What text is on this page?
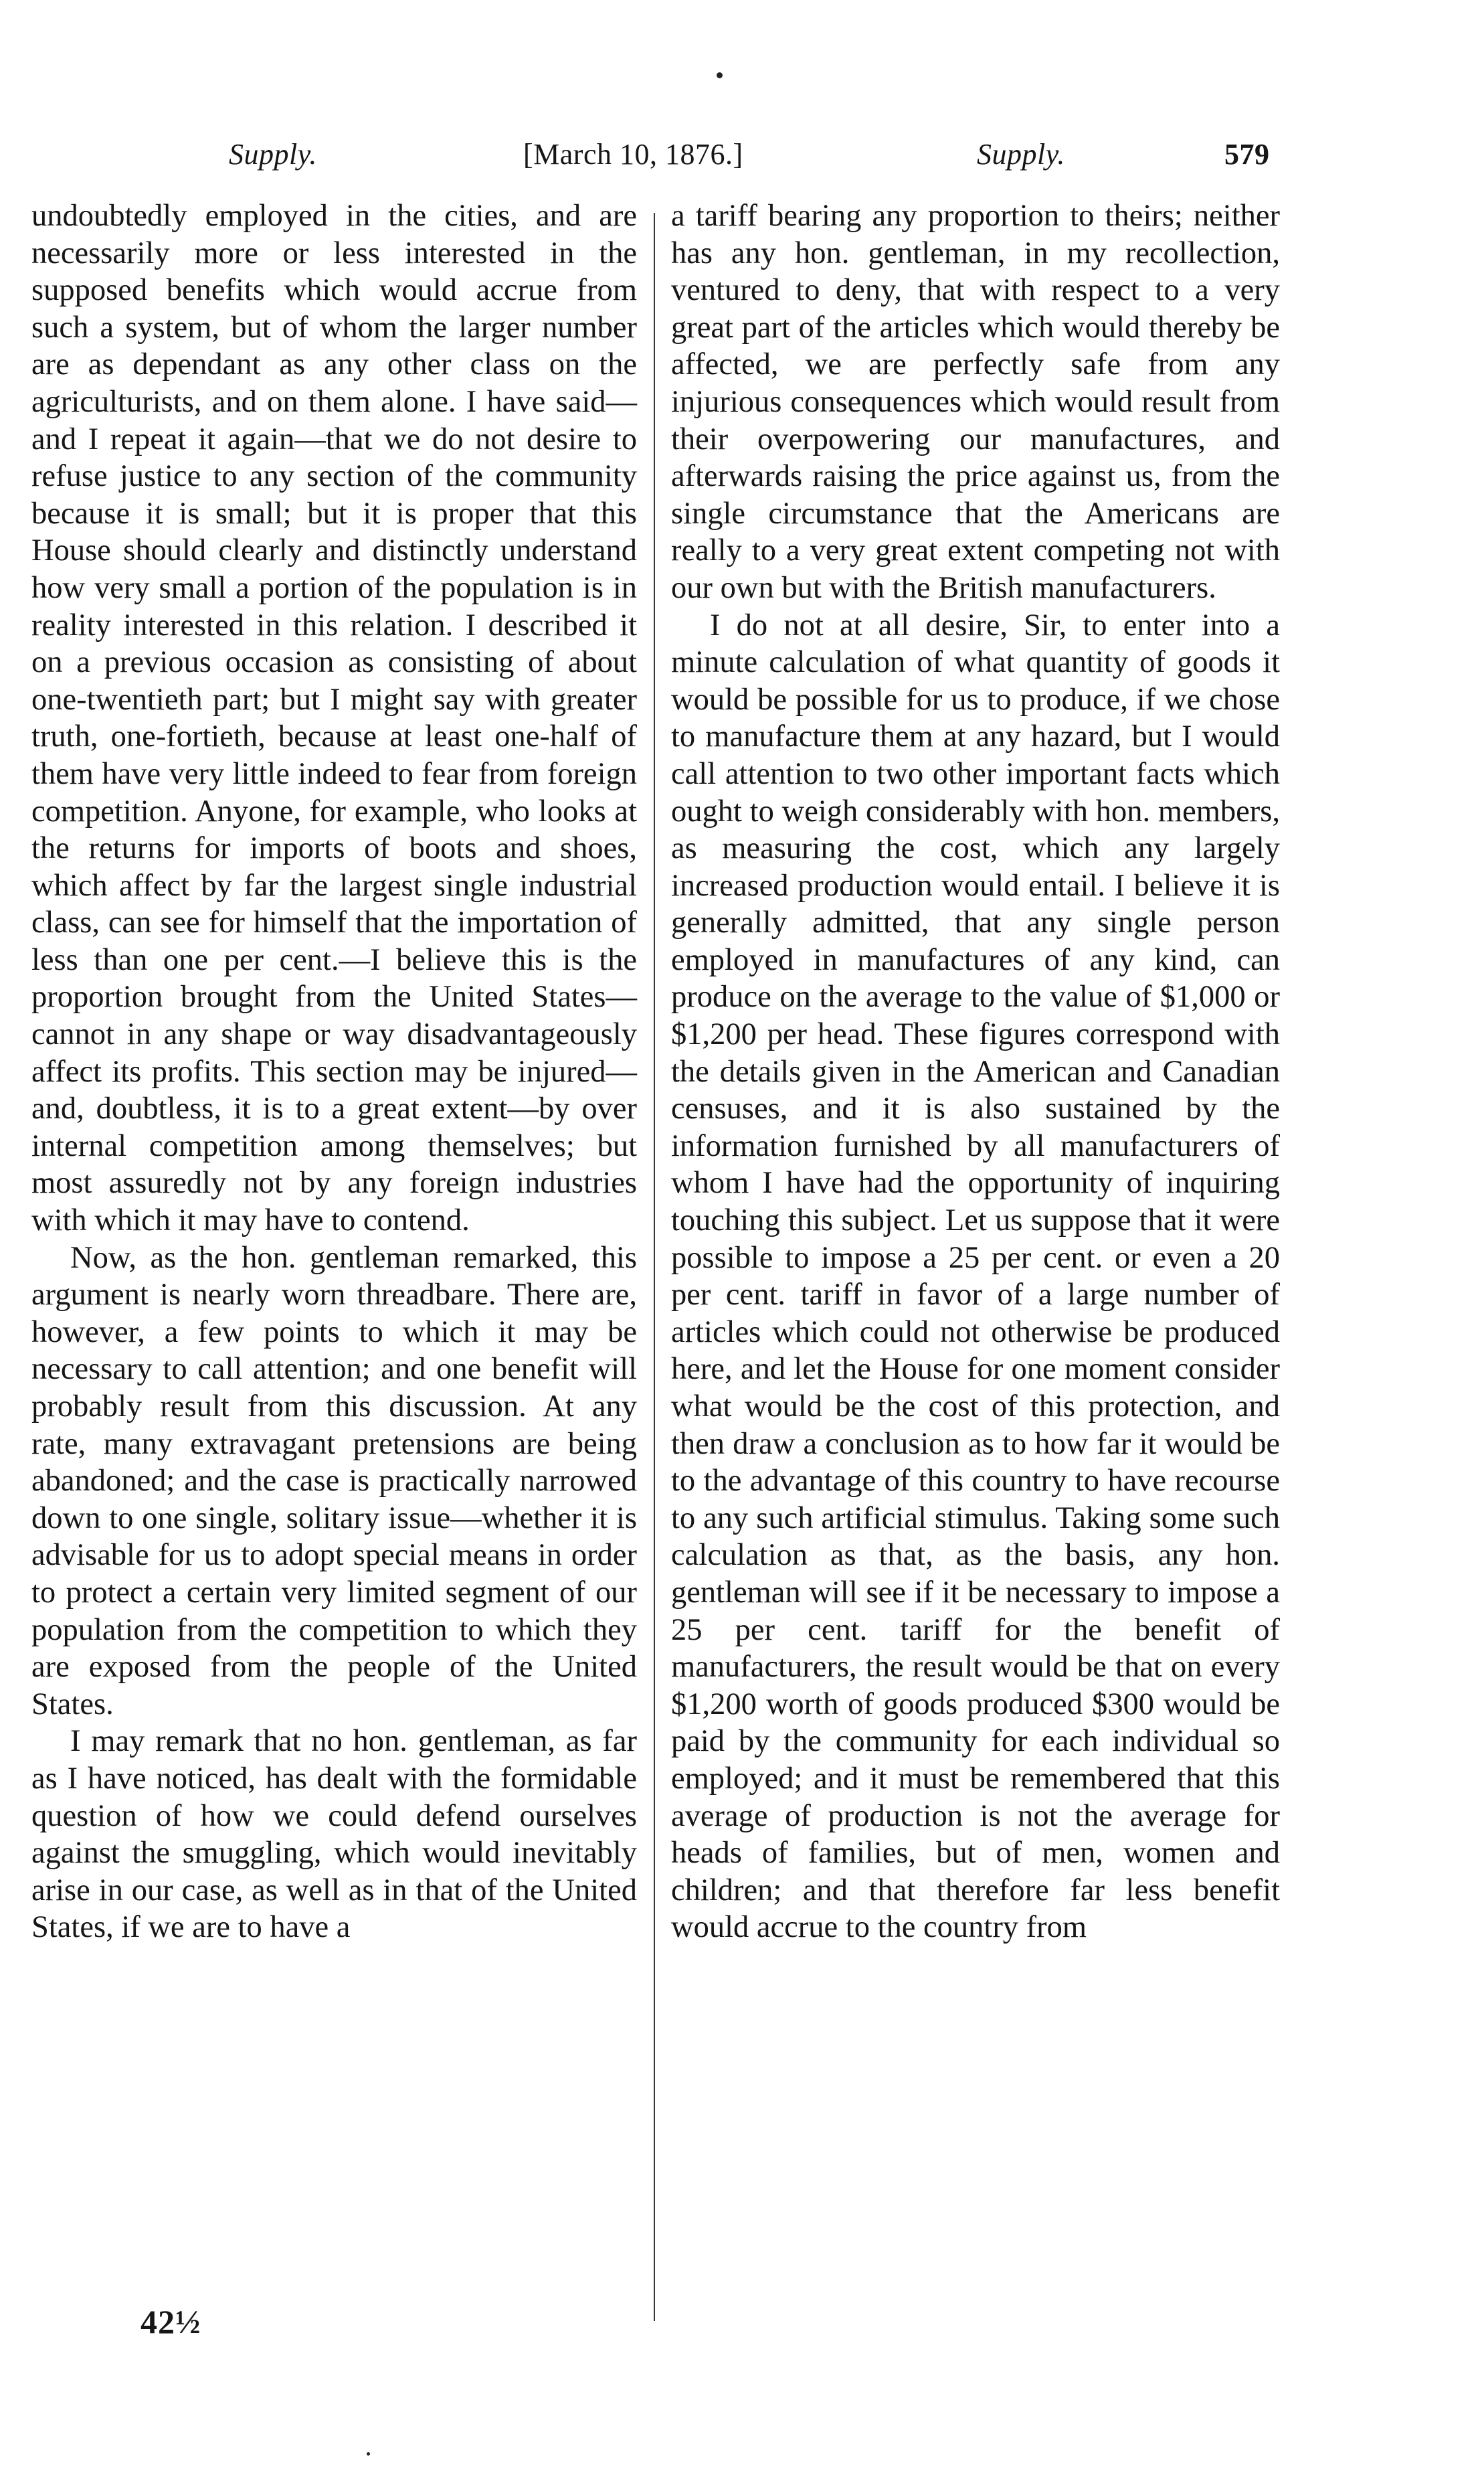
Supply.	[March 10, 1876.]	Supply.	579

undoubtedly employed in the cities, and are necessarily more or less interested in the supposed benefits which would accrue from such a system, but of whom the larger number are as dependant as any other class on the agriculturists, and on them alone. I have said—and I repeat it again—that we do not desire to refuse justice to any section of the community because it is small; but it is proper that this House should clearly and distinctly understand how very small a portion of the population is in reality interested in this relation. I described it on a previous occasion as consisting of about one-twentieth part; but I might say with greater truth, one-fortieth, because at least one-half of them have very little indeed to fear from foreign competition. Anyone, for example, who looks at the returns for imports of boots and shoes, which affect by far the largest single industrial class, can see for himself that the importation of less than one per cent.—I believe this is the proportion brought from the United States—cannot in any shape or way disadvantageously affect its profits. This section may be injured—and, doubtless, it is to a great extent—by over internal competition among themselves; but most assuredly not by any foreign industries with which it may have to contend.

Now, as the hon. gentleman remarked, this argument is nearly worn threadbare. There are, however, a few points to which it may be necessary to call attention; and one benefit will probably result from this discussion. At any rate, many extravagant pretensions are being abandoned; and the case is practically narrowed down to one single, solitary issue—whether it is advisable for us to adopt special means in order to protect a certain very limited segment of our population from the competition to which they are exposed from the people of the United States.

I may remark that no hon. gentleman, as far as I have noticed, has dealt with the formidable question of how we could defend ourselves against the smuggling, which would inevitably arise in our case, as well as in that of the United States, if we are to have a

a tariff bearing any proportion to theirs; neither has any hon. gentleman, in my recollection, ventured to deny, that with respect to a very great part of the articles which would thereby be affected, we are perfectly safe from any injurious consequences which would result from their overpowering our manufactures, and afterwards raising the price against us, from the single circumstance that the Americans are really to a very great extent competing not with our own but with the British manufacturers.

I do not at all desire, Sir, to enter into a minute calculation of what quantity of goods it would be possible for us to produce, if we chose to manufacture them at any hazard, but I would call attention to two other important facts which ought to weigh considerably with hon. members, as measuring the cost, which any largely increased production would entail. I believe it is generally admitted, that any single person employed in manufactures of any kind, can produce on the average to the value of $1,000 or $1,200 per head. These figures correspond with the details given in the American and Canadian censuses, and it is also sustained by the information furnished by all manufacturers of whom I have had the opportunity of inquiring touching this subject. Let us suppose that it were possible to impose a 25 per cent. or even a 20 per cent. tariff in favor of a large number of articles which could not otherwise be produced here, and let the House for one moment consider what would be the cost of this protection, and then draw a conclusion as to how far it would be to the advantage of this country to have recourse to any such artificial stimulus. Taking some such calculation as that, as the basis, any hon. gentleman will see if it be necessary to impose a 25 per cent. tariff for the benefit of manufacturers, the result would be that on every $1,200 worth of goods produced $300 would be paid by the community for each individual so employed; and it must be remembered that this average of production is not the average for heads of families, but of men, women and children; and that therefore far less benefit would accrue to the country from

42½
